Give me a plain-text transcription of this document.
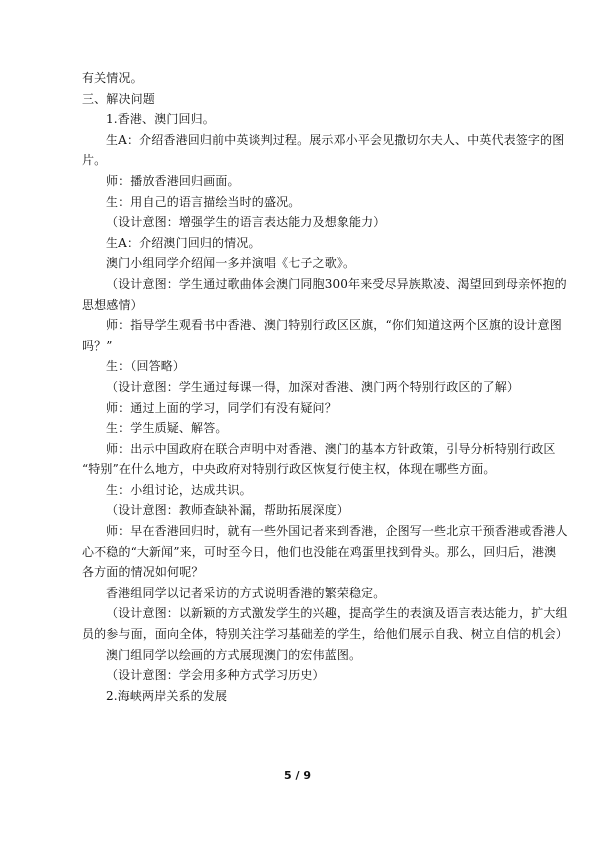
有关情况。

三、解决问题

1.香港、澳门回归。

生A：介绍香港回归前中英谈判过程。展示邓小平会见撒切尔夫人、中英代表签字的图

片。

师：播放香港回归画面。

生：用自己的语言描绘当时的盛况。

（设计意图：增强学生的语言表达能力及想象能力）

生A：介绍澳门回归的情况。

澳门小组同学介绍闻一多并演唱《七子之歌》。

（设计意图：学生通过歌曲体会澳门同胞300年来受尽异族欺凌、渴望回到母亲怀抱的

思想感情）

师：指导学生观看书中香港、澳门特别行政区区旗，“你们知道这两个区旗的设计意图

吗？”

生：（回答略）

（设计意图：学生通过每课一得，加深对香港、澳门两个特别行政区的了解）

师：通过上面的学习，同学们有没有疑问？

生：学生质疑、解答。

师：出示中国政府在联合声明中对香港、澳门的基本方针政策，引导分析特别行政区

“特别”在什么地方，中央政府对特别行政区恢复行使主权，体现在哪些方面。

生：小组讨论，达成共识。

（设计意图：教师查缺补漏，帮助拓展深度）

师：早在香港回归时，就有一些外国记者来到香港，企图写一些北京干预香港或香港人

心不稳的“大新闻”来，可时至今日，他们也没能在鸡蛋里找到骨头。那么，回归后，港澳

各方面的情况如何呢？

香港组同学以记者采访的方式说明香港的繁荣稳定。

（设计意图：以新颖的方式激发学生的兴趣，提高学生的表演及语言表达能力，扩大组

员的参与面，面向全体，特别关注学习基础差的学生，给他们展示自我、树立自信的机会）

澳门组同学以绘画的方式展现澳门的宏伟蓝图。

（设计意图：学会用多种方式学习历史）

2.海峡两岸关系的发展

5 / 9
